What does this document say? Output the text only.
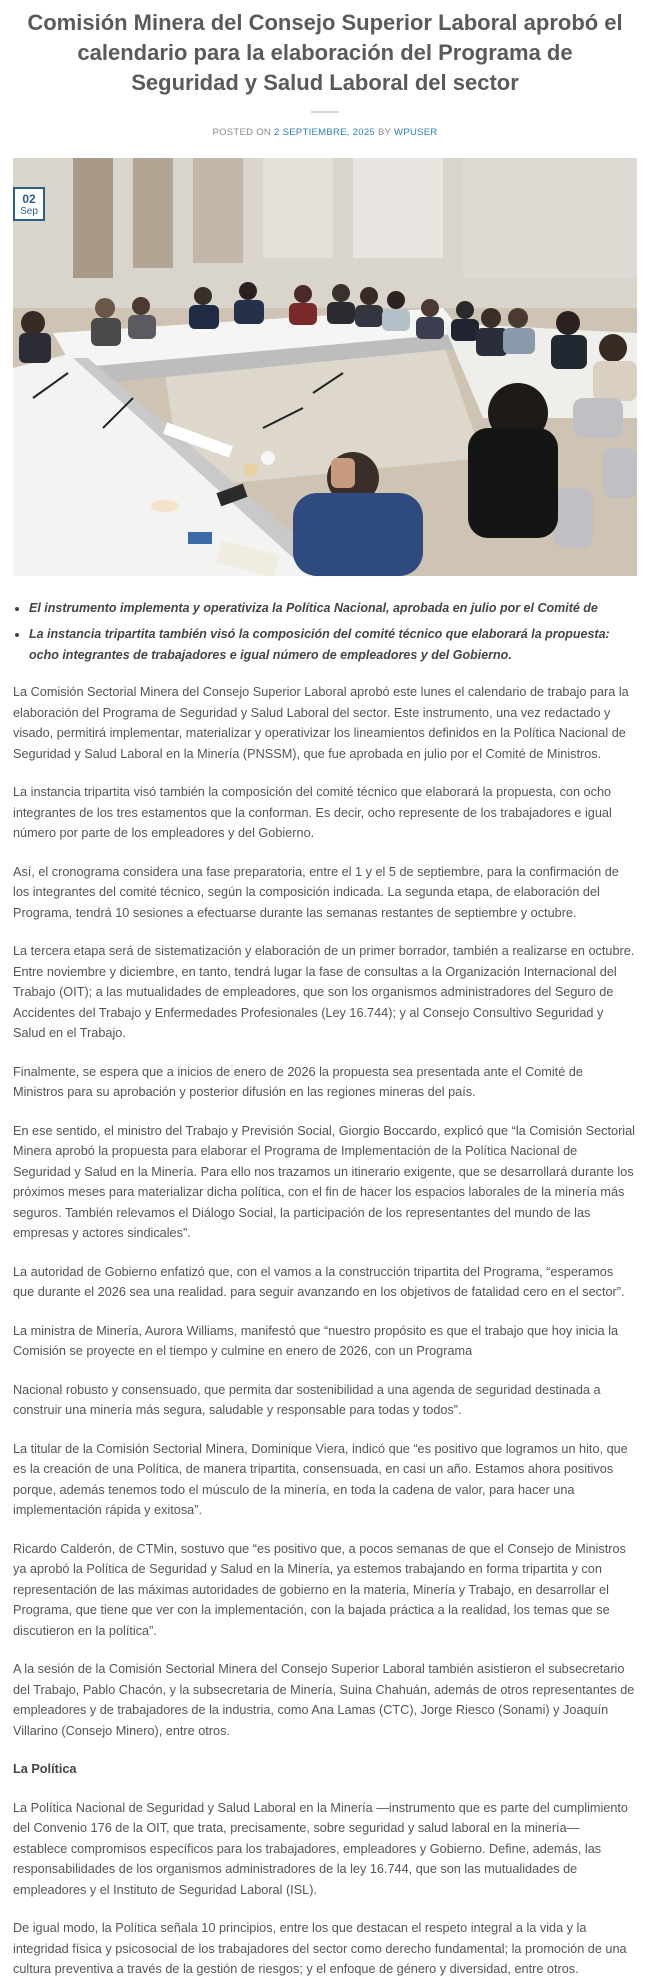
Comisión Minera del Consejo Superior Laboral aprobó el calendario para la elaboración del Programa de Seguridad y Salud Laboral del sector
POSTED ON 2 SEPTIEMBRE, 2025 BY WPUSER
02
Sep
• El instrumento implementa y operativiza la Política Nacional, aprobada en julio por el Comité de
• La instancia tripartita también visó la composición del comité técnico que elaborará la propuesta: ocho integrantes de trabajadores e igual número de empleadores y del Gobierno.

La Comisión Sectorial Minera del Consejo Superior Laboral aprobó este lunes el calendario de trabajo para la elaboración del Programa de Seguridad y Salud Laboral del sector. Este instrumento, una vez redactado y visado, permitirá implementar, materializar y operativizar los lineamientos definidos en la Política Nacional de Seguridad y Salud Laboral en la Minería (PNSSM), que fue aprobada en julio por el Comité de Ministros.

La instancia tripartita visó también la composición del comité técnico que elaborará la propuesta, con ocho integrantes de los tres estamentos que la conforman. Es decir, ocho represente de los trabajadores e igual número por parte de los empleadores y del Gobierno.

Así, el cronograma considera una fase preparatoria, entre el 1 y el 5 de septiembre, para la confirmación de los integrantes del comité técnico, según la composición indicada. La segunda etapa, de elaboración del Programa, tendrá 10 sesiones a efectuarse durante las semanas restantes de septiembre y octubre.

La tercera etapa será de sistematización y elaboración de un primer borrador, también a realizarse en octubre. Entre noviembre y diciembre, en tanto, tendrá lugar la fase de consultas a la Organización Internacional del Trabajo (OIT); a las mutualidades de empleadores, que son los organismos administradores del Seguro de Accidentes del Trabajo y Enfermedades Profesionales (Ley 16.744); y al Consejo Consultivo Seguridad y Salud en el Trabajo.

Finalmente, se espera que a inicios de enero de 2026 la propuesta sea presentada ante el Comité de Ministros para su aprobación y posterior difusión en las regiones mineras del país.

En ese sentido, el ministro del Trabajo y Previsión Social, Giorgio Boccardo, explicó que “la Comisión Sectorial Minera aprobó la propuesta para elaborar el Programa de Implementación de la Política Nacional de Seguridad y Salud en la Minería. Para ello nos trazamos un itinerario exigente, que se desarrollará durante los próximos meses para materializar dicha política, con el fin de hacer los espacios laborales de la minería más seguros. También relevamos el Diálogo Social, la participación de los representantes del mundo de las empresas y actores sindicales”.

La autoridad de Gobierno enfatizó que, con el vamos a la construcción tripartita del Programa, “esperamos que durante el 2026 sea una realidad. para seguir avanzando en los objetivos de fatalidad cero en el sector”.

La ministra de Minería, Aurora Williams, manifestó que “nuestro propósito es que el trabajo que hoy inicia la Comisión se proyecte en el tiempo y culmine en enero de 2026, con un Programa

Nacional robusto y consensuado, que permita dar sostenibilidad a una agenda de seguridad destinada a construir una minería más segura, saludable y responsable para todas y todos”.

La titular de la Comisión Sectorial Minera, Dominique Viera, indicó que “es positivo que logramos un hito, que es la creación de una Política, de manera tripartita, consensuada, en casi un año. Estamos ahora positivos porque, además tenemos todo el músculo de la minería, en toda la cadena de valor, para hacer una implementación rápida y exitosa”.

Ricardo Calderón, de CTMin, sostuvo que “es positivo que, a pocos semanas de que el Consejo de Ministros ya aprobó la Política de Seguridad y Salud en la Minería, ya estemos trabajando en forma tripartita y con representación de las máximas autoridades de gobierno en la materia, Minería y Trabajo, en desarrollar el Programa, que tiene que ver con la implementación, con la bajada práctica a la realidad, los temas que se discutieron en la política”.

A la sesión de la Comisión Sectorial Minera del Consejo Superior Laboral también asistieron el subsecretario del Trabajo, Pablo Chacón, y la subsecretaria de Minería, Suina Chahuán, además de otros representantes de empleadores y de trabajadores de la industria, como Ana Lamas (CTC), Jorge Riesco (Sonami) y Joaquín Villarino (Consejo Minero), entre otros.

La Política

La Política Nacional de Seguridad y Salud Laboral en la Minería —instrumento que es parte del cumplimiento del Convenio 176 de la OIT, que trata, precisamente, sobre seguridad y salud laboral en la minería— establece compromisos específicos para los trabajadores, empleadores y Gobierno. Define, además, las responsabilidades de los organismos administradores de la ley 16.744, que son las mutualidades de empleadores y el Instituto de Seguridad Laboral (ISL).

De igual modo, la Política señala 10 principios, entre los que destacan el respeto integral a la vida y la integridad física y psicosocial de los trabajadores del sector como derecho fundamental; la promoción de una cultura preventiva a través de la gestión de riesgos; y el enfoque de género y diversidad, entre otros.
